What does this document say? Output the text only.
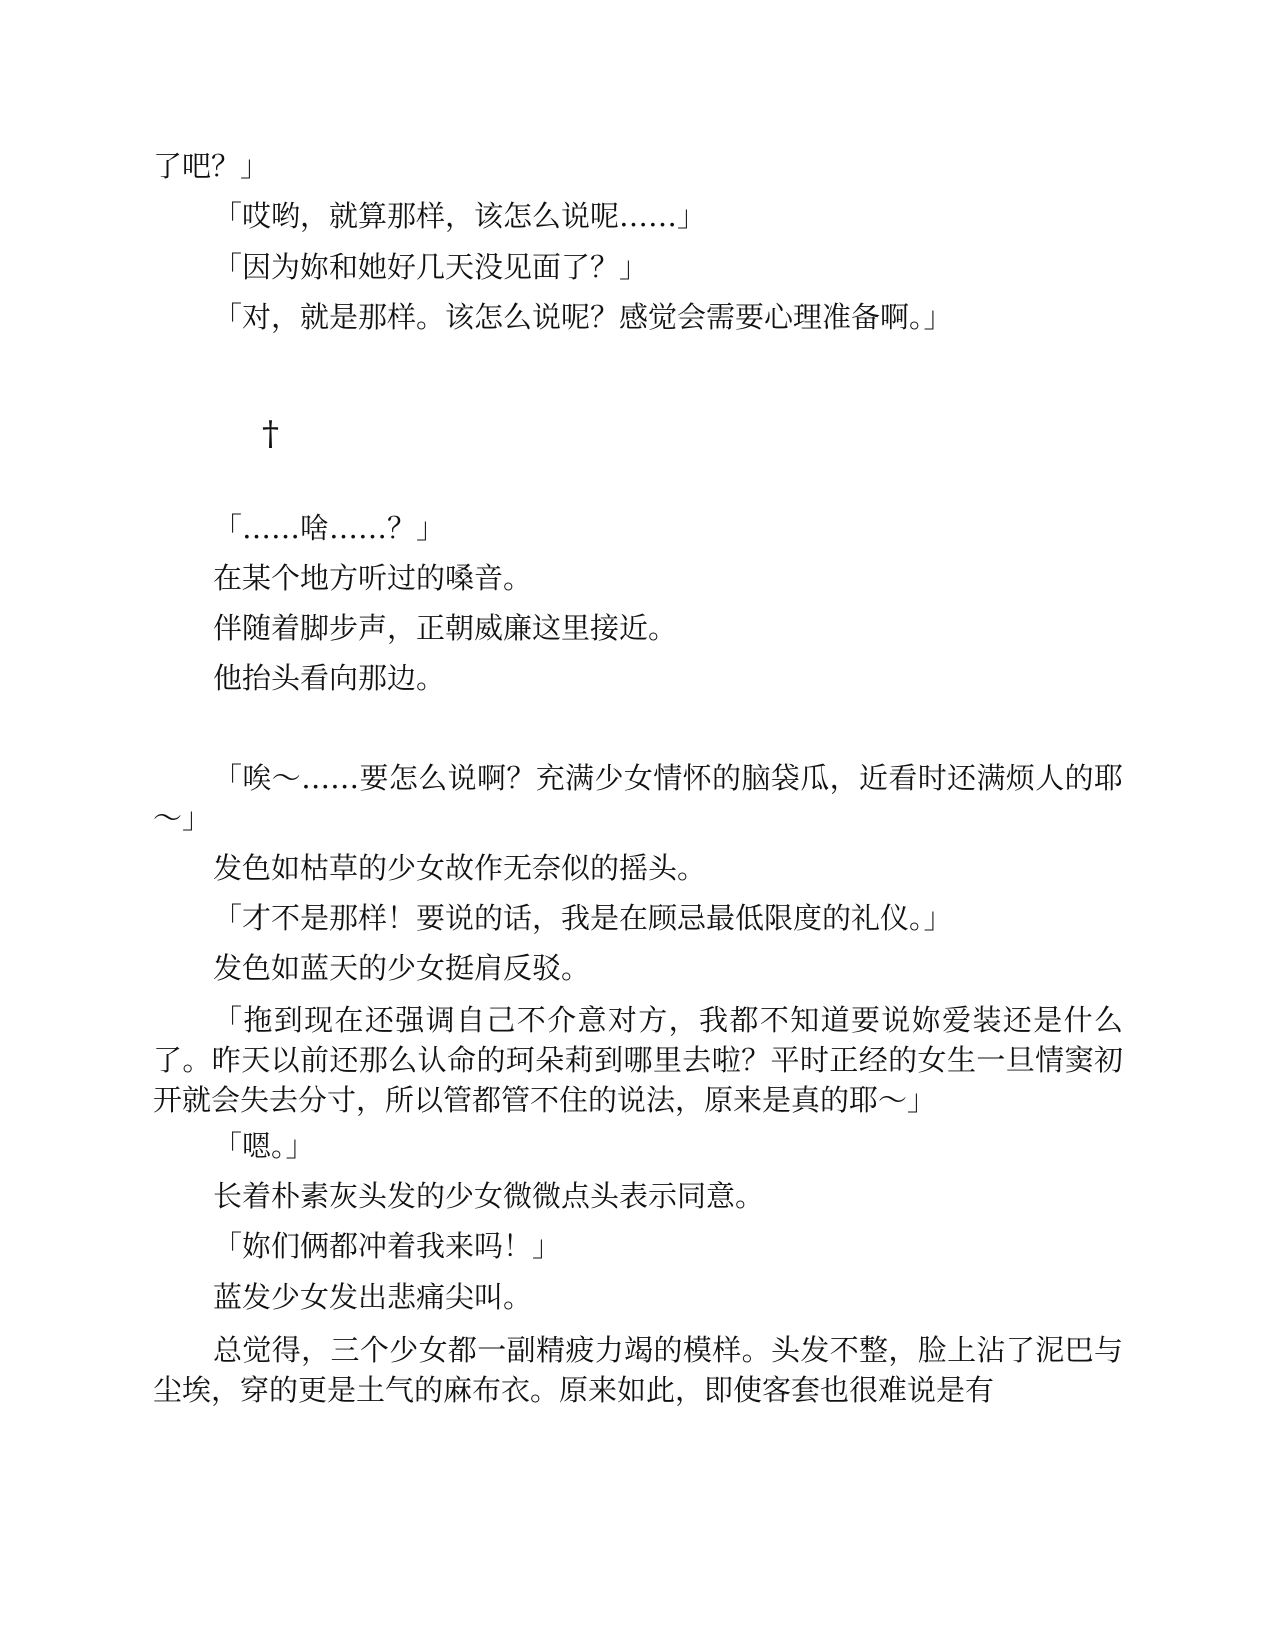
了吧？」
「哎哟，就算那样，该怎么说呢……」
「因为妳和她好几天没见面了？」
「对，就是那样。该怎么说呢？感觉会需要心理准备啊。」
†
「……啥……？」
在某个地方听过的嗓音。
伴随着脚步声，正朝威廉这里接近。
他抬头看向那边。
「唉～……要怎么说啊？充满少女情怀的脑袋瓜，近看时还满烦人的耶～」
发色如枯草的少女故作无奈似的摇头。
「才不是那样！要说的话，我是在顾忌最低限度的礼仪。」
发色如蓝天的少女挺肩反驳。
「拖到现在还强调自己不介意对方，我都不知道要说妳爱装还是什么了。昨天以前还那么认命的珂朵莉到哪里去啦？平时正经的女生一旦情窦初开就会失去分寸，所以管都管不住的说法，原来是真的耶～」
「嗯。」
长着朴素灰头发的少女微微点头表示同意。
「妳们俩都冲着我来吗！」
蓝发少女发出悲痛尖叫。
总觉得，三个少女都一副精疲力竭的模样。头发不整，脸上沾了泥巴与尘埃，穿的更是土气的麻布衣。原来如此，即使客套也很难说是有
